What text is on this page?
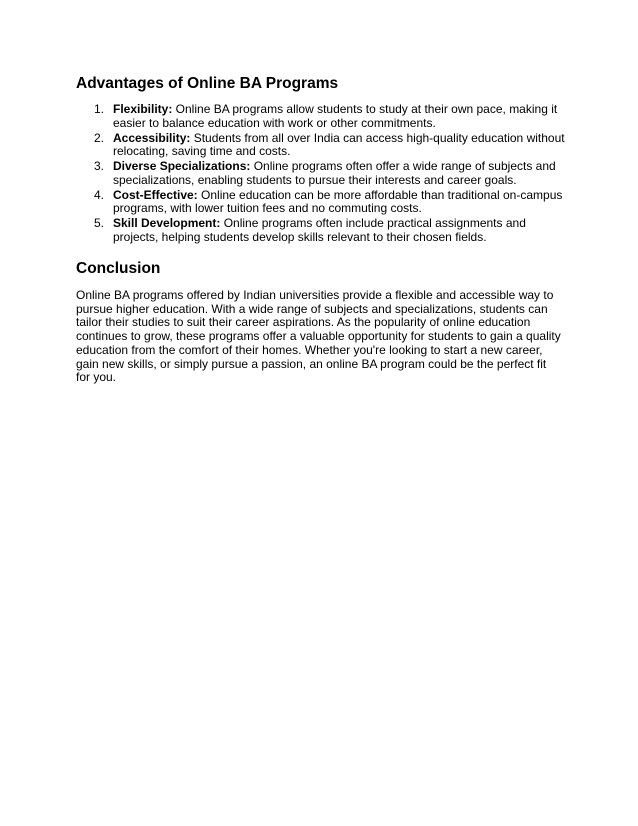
Advantages of Online BA Programs
1. Flexibility: Online BA programs allow students to study at their own pace, making it easier to balance education with work or other commitments.
2. Accessibility: Students from all over India can access high-quality education without relocating, saving time and costs.
3. Diverse Specializations: Online programs often offer a wide range of subjects and specializations, enabling students to pursue their interests and career goals.
4. Cost-Effective: Online education can be more affordable than traditional on-campus programs, with lower tuition fees and no commuting costs.
5. Skill Development: Online programs often include practical assignments and projects, helping students develop skills relevant to their chosen fields.
Conclusion

Online BA programs offered by Indian universities provide a flexible and accessible way to pursue higher education. With a wide range of subjects and specializations, students can tailor their studies to suit their career aspirations. As the popularity of online education continues to grow, these programs offer a valuable opportunity for students to gain a quality education from the comfort of their homes. Whether you're looking to start a new career, gain new skills, or simply pursue a passion, an online BA program could be the perfect fit for you.
